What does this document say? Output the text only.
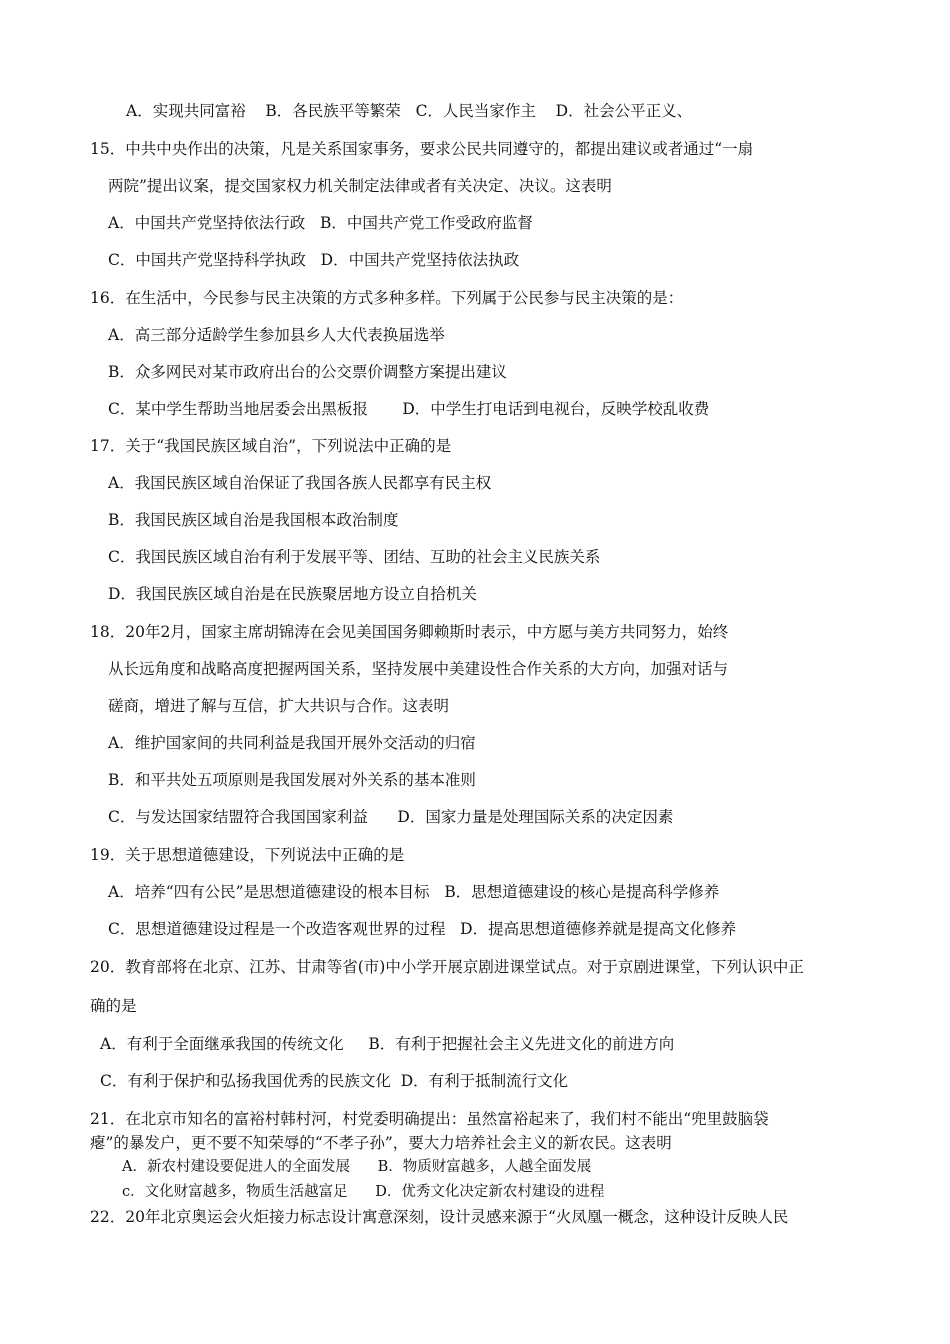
A．实现共同富裕    B．各民族平等繁荣   C．人民当家作主    D．社会公平正义、
15．中共中央作出的决策，凡是关系国家事务，要求公民共同遵守的，都提出建议或者通过“一扇
两院”提出议案，提交国家权力机关制定法律或者有关决定、决议。这表明
A．中国共产党坚持依法行政   B．中国共产党工作受政府监督
C．中国共产党坚持科学执政   D．中国共产党坚持依法执政
16．在生活中，今民参与民主决策的方式多种多样。下列属于公民参与民主决策的是：
A．高三部分适龄学生参加县乡人大代表换届选举
B．众多网民对某市政府出台的公交票价调整方案提出建议
C．某中学生帮助当地居委会出黑板报       D．中学生打电话到电视台，反映学校乱收费
17．关于“我国民族区域自治”，下列说法中正确的是
A．我国民族区域自治保证了我国各族人民都享有民主权
B．我国民族区域自治是我国根本政治制度
C．我国民族区域自治有利于发展平等、团结、互助的社会主义民族关系
D．我国民族区域自治是在民族聚居地方设立自拾机关
18．20年2月，国家主席胡锦涛在会见美国国务卿赖斯时表示，中方愿与美方共同努力，始终
从长远角度和战略高度把握两国关系，坚持发展中美建设性合作关系的大方向，加强对话与
磋商，增进了解与互信，扩大共识与合作。这表明
A．维护国家间的共同利益是我国开展外交活动的归宿
B．和平共处五项原则是我国发展对外关系的基本准则
C．与发达国家结盟符合我国国家利益      D．国家力量是处理国际关系的决定因素
19．关于思想道德建设，下列说法中正确的是
A．培养“四有公民”是思想道德建设的根本目标   B．思想道德建设的核心是提高科学修养
C．思想道德建设过程是一个改造客观世界的过程   D．提高思想道德修养就是提高文化修养
20．教育部将在北京、江苏、甘肃等省(市)中小学开展京剧进课堂试点。对于京剧进课堂，下列认识中正
确的是
A．有利于全面继承我国的传统文化     B．有利于把握社会主义先进文化的前进方向
C．有利于保护和弘扬我国优秀的民族文化  D．有利于抵制流行文化
21．在北京市知名的富裕村韩村河，村党委明确提出：虽然富裕起来了，我们村不能出“兜里鼓脑袋
瘪”的暴发户，更不要不知荣辱的“不孝子孙”，要大力培养社会主义的新农民。这表明
A．新农村建设要促进人的全面发展      B．物质财富越多，人越全面发展
c．文化财富越多，物质生活越富足      D．优秀文化决定新农村建设的进程
22．20年北京奥运会火炬接力标志设计寓意深刻，设计灵感来源于“火凤凰一概念，这种设计反映人民
